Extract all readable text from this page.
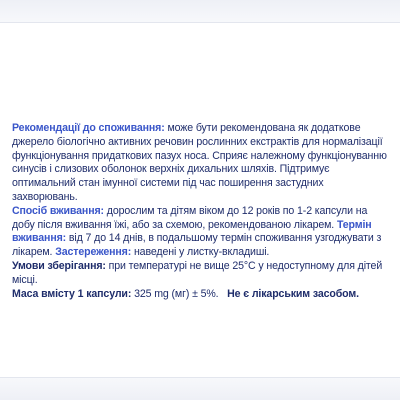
Рекомендації до споживання: може бути рекомендована як додаткове джерело біологічно активних речовин рослинних екстрактів для нормалізації функціонування придаткових пазух носа. Сприяє належному функціонуванню синусів і слизових оболонок верхніх дихальних шляхів. Підтримує оптимальний стан імунної системи під час поширення застудних захворювань.

Спосіб вживання: дорослим та дітям віком до 12 років по 1-2 капсули на добу після вживання їжі, або за схемою, рекомендованою лікарем. Термін вживання: від 7 до 14 днів, в подальшому термін споживання узгоджувати з лікарем. Застереження: наведені у листку-вкладиші.

Умови зберігання: при температурі не вище 25°С у недоступному для дітей місці.

Маса вмісту 1 капсули: 325 mg (мг) ± 5%. Не є лікарським засобом.
